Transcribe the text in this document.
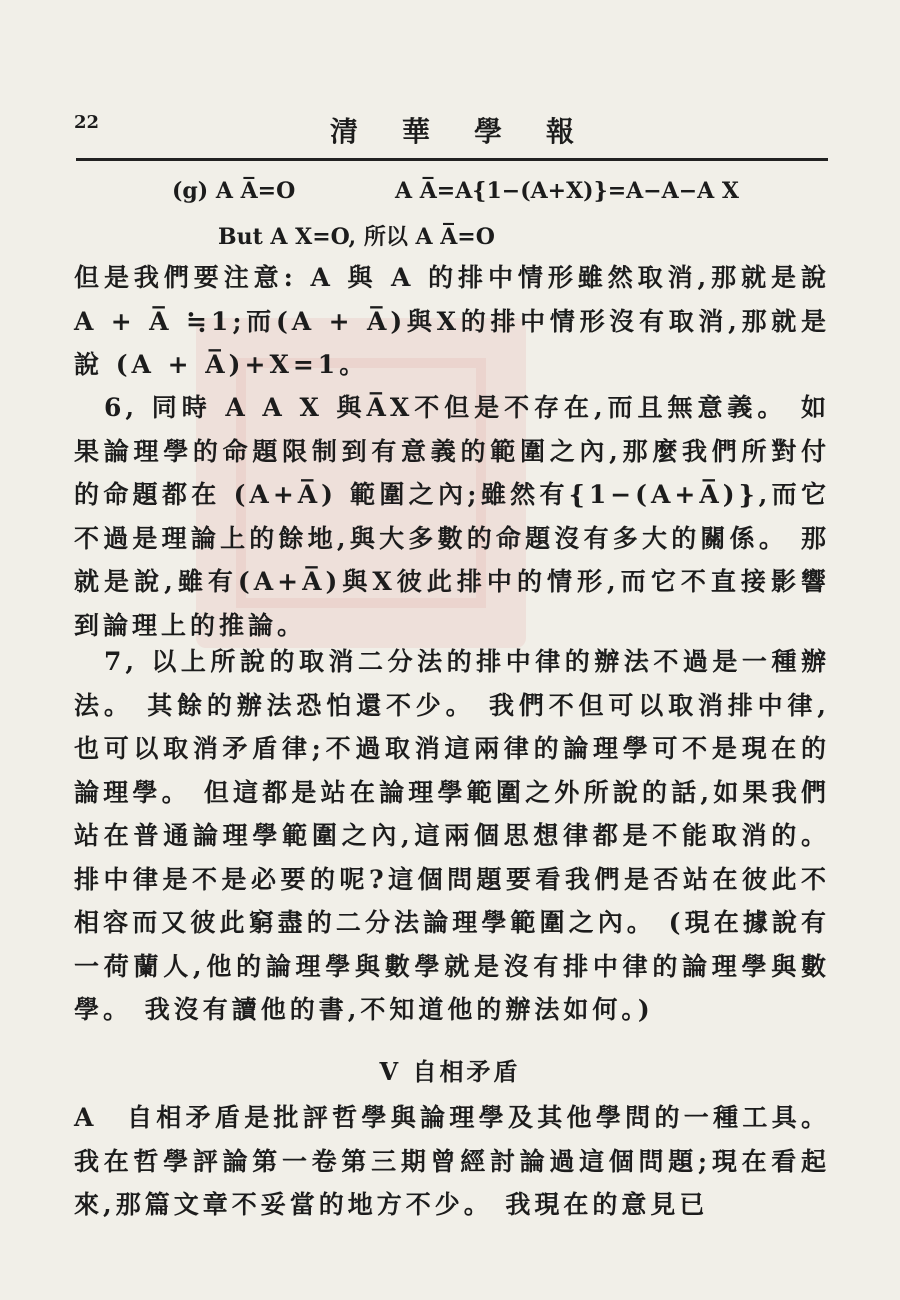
22	清華學報
(g) A A̅=O	A A̅=A{1−(A+X)}=A−A−A X
But A X=O, 所以 A A̅=O

但是我們要注意: A 與 A 的排中情形雖然取消,那就是說 A + A̅ ≒1;而(A + A̅)與X的排中情形沒有取消,那就是說 (A + A̅)+X=1。

6, 同時 A A X 與A̅X不但是不存在,而且無意義。 如果論理學的命題限制到有意義的範圍之內,那麼我們所對付的命題都在 (A+A̅) 範圍之內;雖然有{1−(A+A̅)},而它不過是理論上的餘地,與大多數的命題沒有多大的關係。 那就是說,雖有(A+A̅)與X彼此排中的情形,而它不直接影響到論理上的推論。

7, 以上所說的取消二分法的排中律的辦法不過是一種辦法。 其餘的辦法恐怕還不少。 我們不但可以取消排中律,也可以取消矛盾律;不過取消這兩律的論理學可不是現在的論理學。 但這都是站在論理學範圍之外所說的話,如果我們站在普通論理學範圍之內,這兩個思想律都是不能取消的。 排中律是不是必要的呢?這個問題要看我們是否站在彼此不相容而又彼此窮盡的二分法論理學範圍之內。 (現在據說有一荷蘭人,他的論理學與數學就是沒有排中律的論理學與數學。 我沒有讀他的書,不知道他的辦法如何。)

V 自相矛盾

A　自相矛盾是批評哲學與論理學及其他學問的一種工具。 我在哲學評論第一卷第三期曾經討論過這個問題;現在看起來,那篇文章不妥當的地方不少。 我現在的意見已
